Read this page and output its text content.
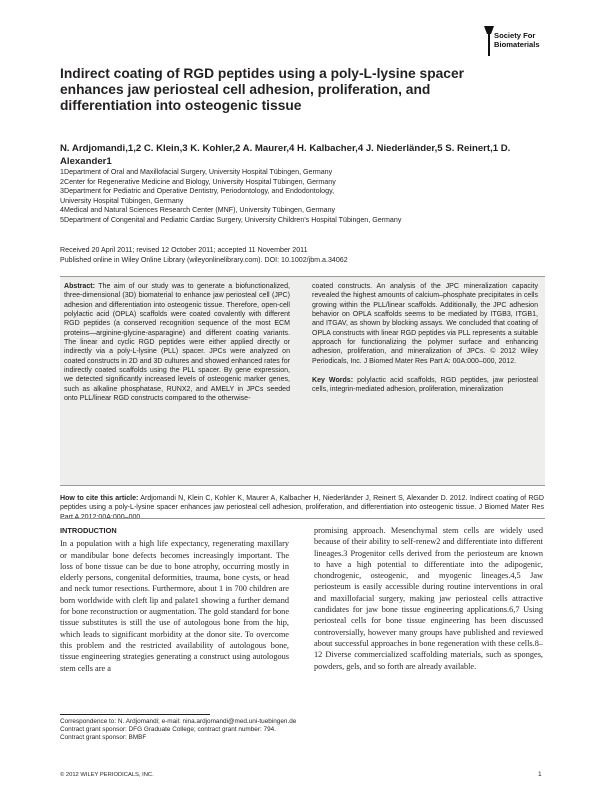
Society For
Biomaterials
Indirect coating of RGD peptides using a poly-L-lysine spacer enhances jaw periosteal cell adhesion, proliferation, and differentiation into osteogenic tissue
N. Ardjomandi,1,2 C. Klein,3 K. Kohler,2 A. Maurer,4 H. Kalbacher,4 J. Niederländer,5 S. Reinert,1 D. Alexander1
1Department of Oral and Maxillofacial Surgery, University Hospital Tübingen, Germany
2Center for Regenerative Medicine and Biology, University Hospital Tübingen, Germany
3Department for Pediatric and Operative Dentistry, Periodontology, and Endodontology,
University Hospital Tübingen, Germany
4Medical and Natural Sciences Research Center (MNF), University Tübingen, Germany
5Department of Congenital and Pediatric Cardiac Surgery, University Children's Hospital Tübingen, Germany
Received 20 April 2011; revised 12 October 2011; accepted 11 November 2011
Published online in Wiley Online Library (wileyonlinelibrary.com). DOI: 10.1002/jbm.a.34062
Abstract: The aim of our study was to generate a biofunctionalized, three-dimensional (3D) biomaterial to enhance jaw periosteal cell (JPC) adhesion and differentiation into osteogenic tissue. Therefore, open-cell polylactic acid (OPLA) scaffolds were coated covalently with different RGD peptides (a conserved recognition sequence of the most ECM proteins—arginine-glycine-asparagine) and different coating variants. The linear and cyclic RGD peptides were either applied directly or indirectly via a poly-L-lysine (PLL) spacer. JPCs were analyzed on coated constructs in 2D and 3D cultures and showed enhanced rates for indirectly coated scaffolds using the PLL spacer. By gene expression, we detected significantly increased levels of osteogenic marker genes, such as alkaline phosphatase, RUNX2, and AMELY in JPCs seeded onto PLL/linear RGD constructs compared to the otherwise-
coated constructs. An analysis of the JPC mineralization capacity revealed the highest amounts of calcium–phosphate precipitates in cells growing within the PLL/linear scaffolds. Additionally, the JPC adhesion behavior on OPLA scaffolds seems to be mediated by ITGB3, ITGB1, and ITGAV, as shown by blocking assays. We concluded that coating of OPLA constructs with linear RGD peptides via PLL represents a suitable approach for functionalizing the polymer surface and enhancing adhesion, proliferation, and mineralization of JPCs. © 2012 Wiley Periodicals, Inc. J Biomed Mater Res Part A: 00A:000–000, 2012.
Key Words: polylactic acid scaffolds, RGD peptides, jaw periosteal cells, integrin-mediated adhesion, proliferation, mineralization
How to cite this article: Ardjomandi N, Klein C, Kohler K, Maurer A, Kalbacher H, Niederländer J, Reinert S, Alexander D. 2012. Indirect coating of RGD peptides using a poly-L-lysine spacer enhances jaw periosteal cell adhesion, proliferation, and differentiation into osteogenic tissue. J Biomed Mater Res Part A 2012:00A:000–000.
INTRODUCTION

In a population with a high life expectancy, regenerating maxillary or mandibular bone defects becomes increasingly important. The loss of bone tissue can be due to bone atrophy, occurring mostly in elderly persons, congenital deformities, trauma, bone cysts, or head and neck tumor resections. Furthermore, about 1 in 700 children are born worldwide with cleft lip and palate1 showing a further demand for bone reconstruction or augmentation. The gold standard for bone tissue substitutes is still the use of autologous bone from the hip, which leads to significant morbidity at the donor site. To overcome this problem and the restricted availability of autologous bone, tissue engineering strategies generating a construct using autologous stem cells are a

promising approach. Mesenchymal stem cells are widely used because of their ability to self-renew2 and differentiate into different lineages.3 Progenitor cells derived from the periosteum are known to have a high potential to differentiate into the adipogenic, chondrogenic, osteogenic, and myogenic lineages.4,5 Jaw periosteum is easily accessible during routine interventions in oral and maxillofacial surgery, making jaw periosteal cells attractive candidates for jaw bone tissue engineering applications.6,7 Using periosteal cells for bone tissue engineering has been discussed controversially, however many groups have published and reviewed about successful approaches in bone regeneration with these cells.8–12 Diverse commercialized scaffolding materials, such as sponges, powders, gels, and so forth are already available.

Correspondence to: N. Ardjomandi; e-mail: nina.ardjomandi@med.uni-tuebingen.de
Contract grant sponsor: DFG Graduate College; contract grant number: 794.
Contract grant sponsor: BMBF
© 2012 WILEY PERIODICALS, INC.	1
